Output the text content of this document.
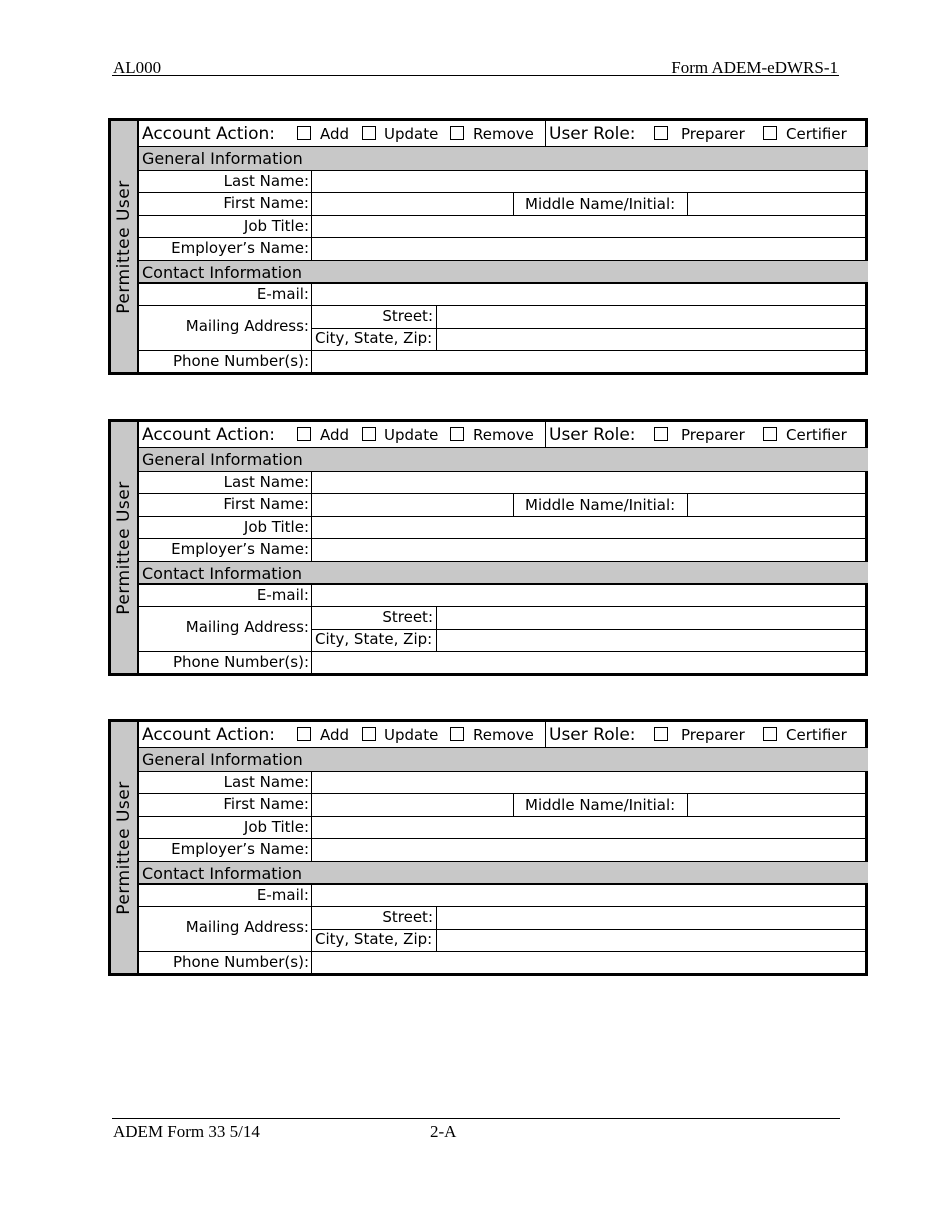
AL000	Form ADEM-eDWRS-1
Permittee User
Account Action:	Add Update Remove User Role:	Preparer	Certifier
General Information
Last Name:
First Name:	Middle Name/Initial:
Job Title:
Employer’s Name:
Contact Information
E-mail:
Mailing Address:
Street:
City, State, Zip:
Phone Number(s):
Permittee User
Account Action:	Add Update Remove User Role:	Preparer	Certifier
General Information
Last Name:
First Name:	Middle Name/Initial:
Job Title:
Employer’s Name:
Contact Information
E-mail:
Mailing Address:
Street:
City, State, Zip:
Phone Number(s):
Permittee User
Account Action:	Add Update Remove User Role:	Preparer	Certifier
General Information
Last Name:
First Name:	Middle Name/Initial:
Job Title:
Employer’s Name:
Contact Information
E-mail:
Mailing Address:
Street:
City, State, Zip:
Phone Number(s):
ADEM Form 33 5/14	2-A
